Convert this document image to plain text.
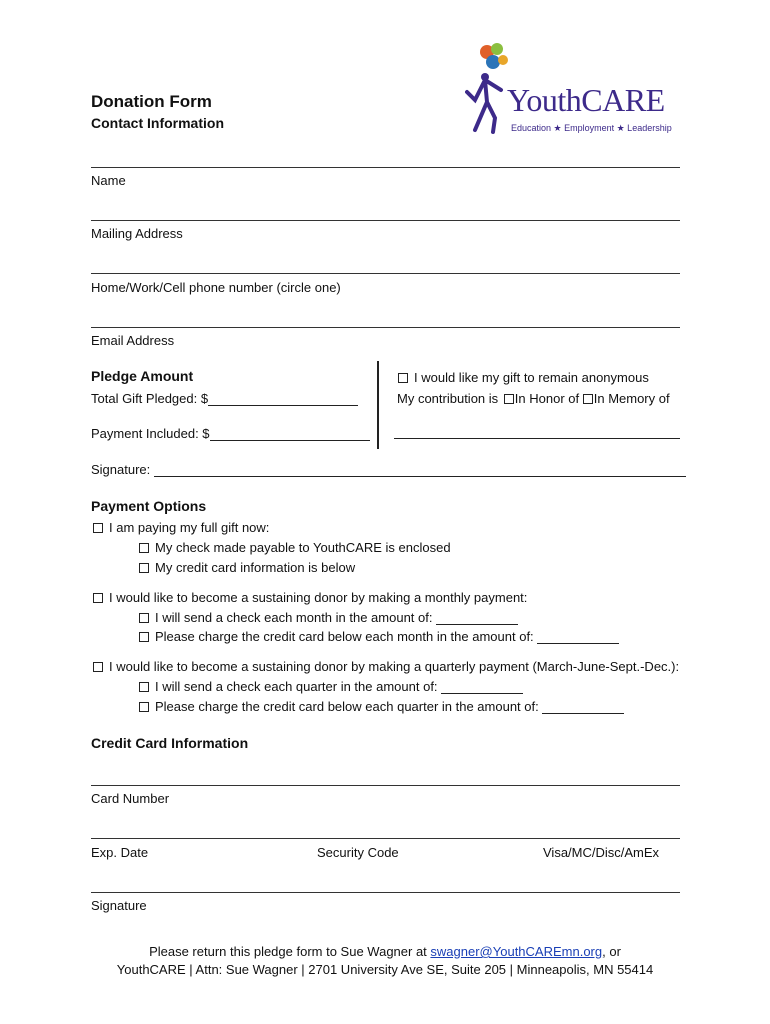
Donation Form
Contact Information
YouthCARE
Education ★ Employment ★ Leadership
Name
Mailing Address
Home/Work/Cell phone number (circle one)
Email Address
Pledge Amount
Total Gift Pledged: $
Payment Included: $
I would like my gift to remain anonymous
My contribution is In Honor of In Memory of
Signature:
Payment Options
I am paying my full gift now:
My check made payable to YouthCARE is enclosed
My credit card information is below
I would like to become a sustaining donor by making a monthly payment:
I will send a check each month in the amount of:
Please charge the credit card below each month in the amount of:
I would like to become a sustaining donor by making a quarterly payment (March-June-Sept.-Dec.):
I will send a check each quarter in the amount of:
Please charge the credit card below each quarter in the amount of:
Credit Card Information
Card Number
Exp. Date	Security Code	Visa/MC/Disc/AmEx
Signature
Please return this pledge form to Sue Wagner at swagner@YouthCAREmn.org, or
YouthCARE | Attn: Sue Wagner | 2701 University Ave SE, Suite 205 | Minneapolis, MN 55414
